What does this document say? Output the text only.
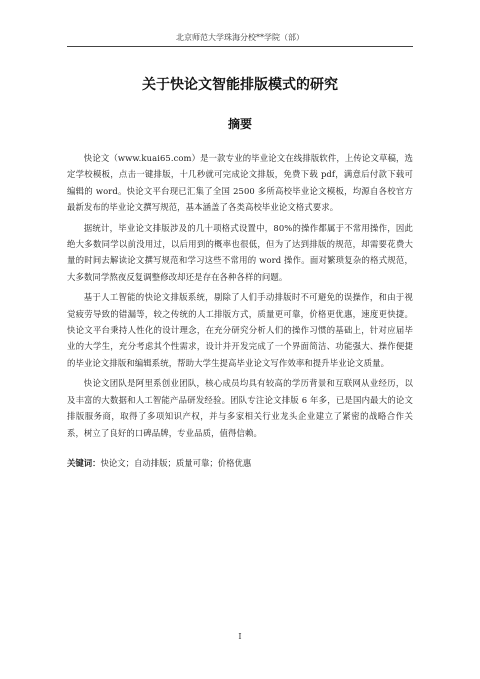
北京师范大学珠海分校**学院（部）
关于快论文智能排版模式的研究
摘要

快论文（www.kuai65.com）是一款专业的毕业论文在线排版软件，上传论文草稿，选定学校模板，点击一键排版，十几秒就可完成论文排版，免费下载 pdf，满意后付款下载可编辑的 word。快论文平台现已汇集了全国 2500 多所高校毕业论文模板，均源自各校官方最新发布的毕业论文撰写规范，基本涵盖了各类高校毕业论文格式要求。

据统计，毕业论文排版涉及的几十项格式设置中，80%的操作都属于不常用操作，因此绝大多数同学以前没用过，以后用到的概率也很低，但为了达到排版的规范，却需要花费大量的时间去解读论文撰写规范和学习这些不常用的 word 操作。面对繁琐复杂的格式规范，大多数同学熬夜反复调整修改却还是存在各种各样的问题。

基于人工智能的快论文排版系统，剔除了人们手动排版时不可避免的误操作，和由于视觉疲劳导致的错漏等，较之传统的人工排版方式，质量更可靠，价格更优惠，速度更快捷。快论文平台秉持人性化的设计理念，在充分研究分析人们的操作习惯的基础上，针对应届毕业的大学生，充分考虑其个性需求，设计并开发完成了一个界面简洁、功能强大、操作便捷的毕业论文排版和编辑系统，帮助大学生提高毕业论文写作效率和提升毕业论文质量。

快论文团队是阿里系创业团队，核心成员均具有较高的学历背景和互联网从业经历，以及丰富的大数据和人工智能产品研发经验。团队专注论文排版 6 年多，已是国内最大的论文排版服务商，取得了多项知识产权，并与多家相关行业龙头企业建立了紧密的战略合作关系，树立了良好的口碑品牌，专业品质，值得信赖。

关键词：快论文；自动排版；质量可靠；价格优惠
I
